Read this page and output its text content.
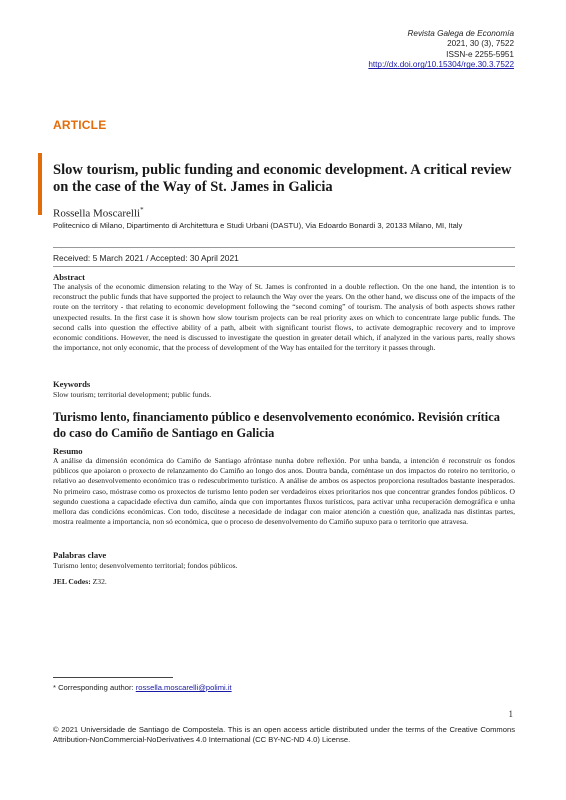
Revista Galega de Economía
2021, 30 (3), 7522
ISSN-e 2255-5951
http://dx.doi.org/10.15304/rge.30.3.7522
ARTICLE
Slow tourism, public funding and economic development. A critical review on the case of the Way of St. James in Galicia
Rossella Moscarelli*
Politecnico di Milano, Dipartimento di Architettura e Studi Urbani (DASTU), Via Edoardo Bonardi 3, 20133 Milano, MI, Italy
Received: 5 March 2021 / Accepted: 30 April 2021
Abstract
The analysis of the economic dimension relating to the Way of St. James is confronted in a double reflection. On the one hand, the intention is to reconstruct the public funds that have supported the project to relaunch the Way over the years. On the other hand, we discuss one of the impacts of the route on the territory - that relating to economic development following the “second coming” of tourism. The analysis of both aspects shows rather unexpected results. In the first case it is shown how slow tourism projects can be real priority axes on which to concentrate large public funds. The second calls into question the effective ability of a path, albeit with significant tourist flows, to activate demographic recovery and to improve economic conditions. However, the need is discussed to investigate the question in greater detail which, if analyzed in the various parts, really shows the importance, not only economic, that the process of development of the Way has entailed for the territory it passes through.
Keywords
Slow tourism; territorial development; public funds.
Turismo lento, financiamento público e desenvolvemento económico. Revisión crítica do caso do Camiño de Santiago en Galicia
Resumo
A análise da dimensión económica do Camiño de Santiago afróntase nunha dobre reflexión. Por unha banda, a intención é reconstruír os fondos públicos que apoiaron o proxecto de relanzamento do Camiño ao longo dos anos. Doutra banda, coméntase un dos impactos do roteiro no territorio, o relativo ao desenvolvemento económico tras o redescubrimento turístico. A análise de ambos os aspectos proporciona resultados bastante inesperados. No primeiro caso, móstrase como os proxectos de turismo lento poden ser verdadeiros eixes prioritarios nos que concentrar grandes fondos públicos. O segundo cuestiona a capacidade efectiva dun camiño, aínda que con importantes fluxos turísticos, para activar unha recuperación demográfica e unha mellora das condicións económicas. Con todo, discútese a necesidade de indagar con maior atención a cuestión que, analizada nas distintas partes, mostra realmente a importancia, non só económica, que o proceso de desenvolvemento do Camiño supuxo para o territorio que atravesa.
Palabras clave
Turismo lento; desenvolvemento territorial; fondos públicos.
JEL Codes: Z32.
* Corresponding author: rossella.moscarelli@polimi.it
1
© 2021 Universidade de Santiago de Compostela. This is an open access article distributed under the terms of the Creative Commons Attribution-NonCommercial-NoDerivatives 4.0 International (CC BY-NC-ND 4.0) License.
